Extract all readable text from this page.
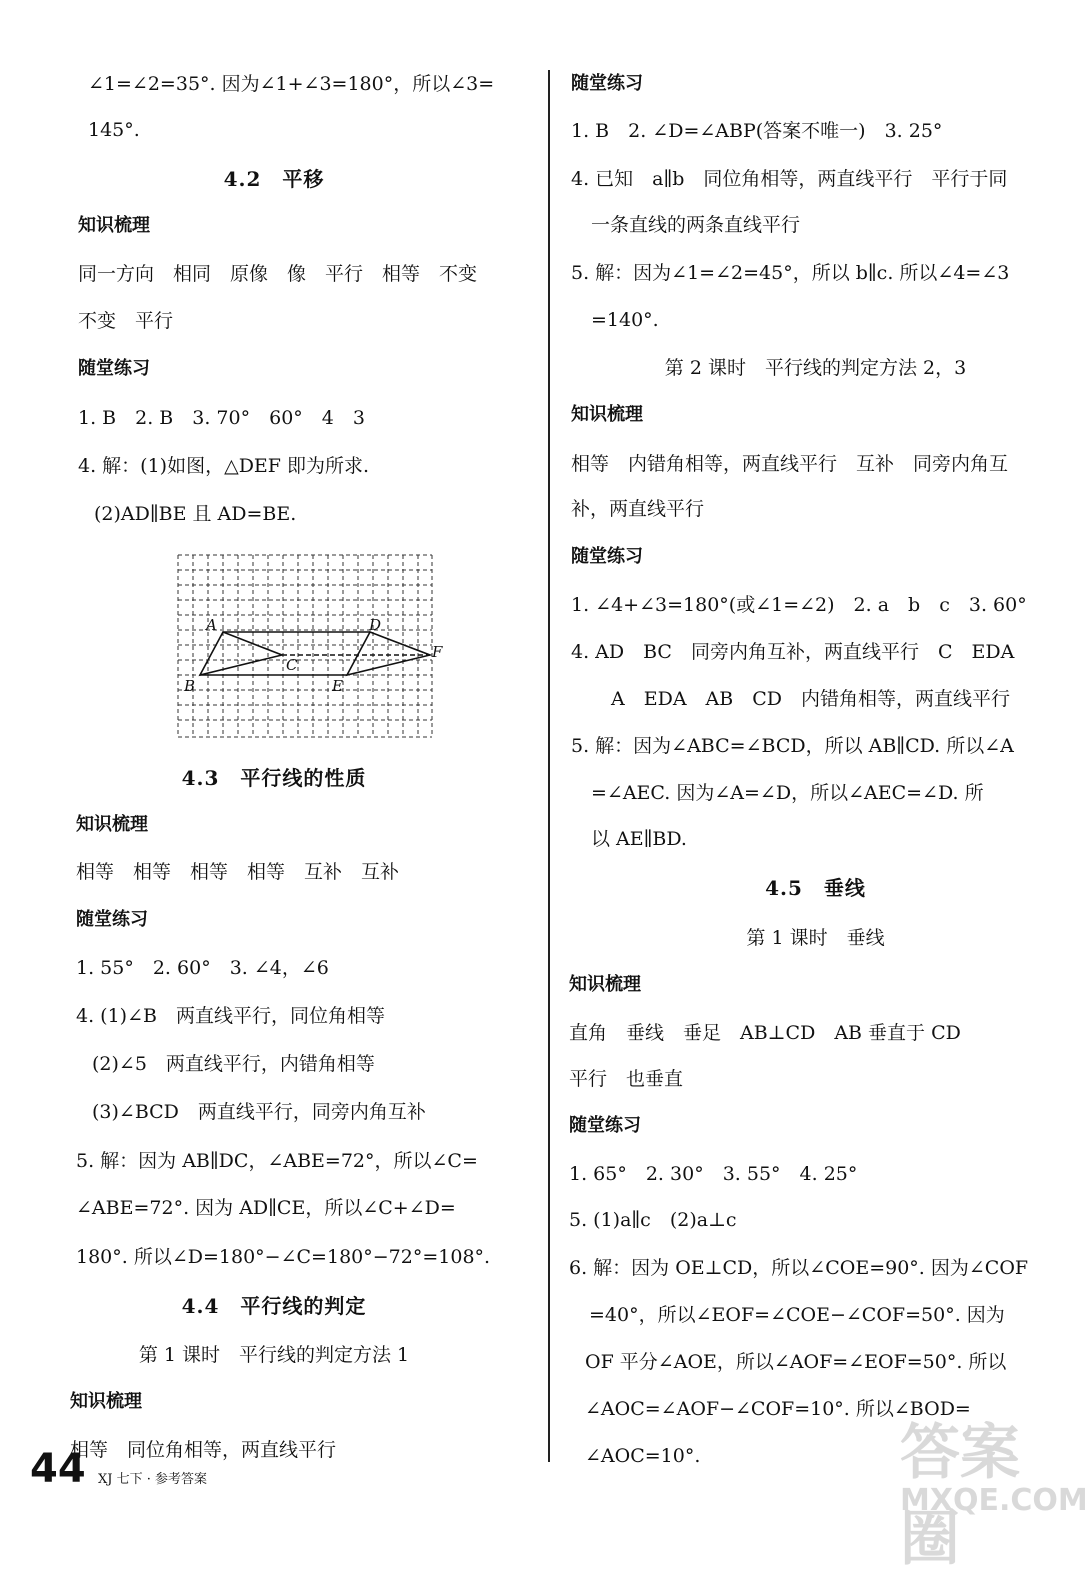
∠1=∠2=35°. 因为∠1+∠3=180°，所以∠3=
145°.
4.2　平移
知识梳理
同一方向　相同　原像　像　平行　相等　不变
不变　平行
随堂练习
1. B　2. B　3. 70°　60°　4　3
4. 解：(1)如图，△DEF 即为所求.
(2)AD∥BE 且 AD=BE.
A
B
C
D
E
F
4.3　平行线的性质
知识梳理
相等　相等　相等　相等　互补　互补
随堂练习
1. 55°　2. 60°　3. ∠4，∠6
4. (1)∠B　两直线平行，同位角相等
(2)∠5　两直线平行，内错角相等
(3)∠BCD　两直线平行，同旁内角互补
5. 解：因为 AB∥DC，∠ABE=72°，所以∠C=
∠ABE=72°. 因为 AD∥CE，所以∠C+∠D=
180°. 所以∠D=180°−∠C=180°−72°=108°.
4.4　平行线的判定
第 1 课时　平行线的判定方法 1
知识梳理
相等　同位角相等，两直线平行
随堂练习
1. B　2. ∠D=∠ABP(答案不唯一)　3. 25°
4. 已知　a∥b　同位角相等，两直线平行　平行于同
一条直线的两条直线平行
5. 解：因为∠1=∠2=45°，所以 b∥c. 所以∠4=∠3
=140°.
第 2 课时　平行线的判定方法 2，3
知识梳理
相等　内错角相等，两直线平行　互补　同旁内角互
补，两直线平行
随堂练习
1. ∠4+∠3=180°(或∠1=∠2)　2. a　b　c　3. 60°
4. AD　BC　同旁内角互补，两直线平行　C　EDA
A　EDA　AB　CD　内错角相等，两直线平行
5. 解：因为∠ABC=∠BCD，所以 AB∥CD. 所以∠A
=∠AEC. 因为∠A=∠D，所以∠AEC=∠D. 所
以 AE∥BD.
4.5　垂线
第 1 课时　垂线
知识梳理
直角　垂线　垂足　AB⊥CD　AB 垂直于 CD
平行　也垂直
随堂练习
1. 65°　2. 30°　3. 55°　4. 25°
5. (1)a∥c　(2)a⊥c
6. 解：因为 OE⊥CD，所以∠COE=90°. 因为∠COF
=40°，所以∠EOF=∠COE−∠COF=50°. 因为
OF 平分∠AOE，所以∠AOF=∠EOF=50°. 所以
∠AOC=∠AOF−∠COF=10°. 所以∠BOD=
∠AOC=10°.
44 XJ 七下 · 参考答案	答案圈
MXQE.COM
